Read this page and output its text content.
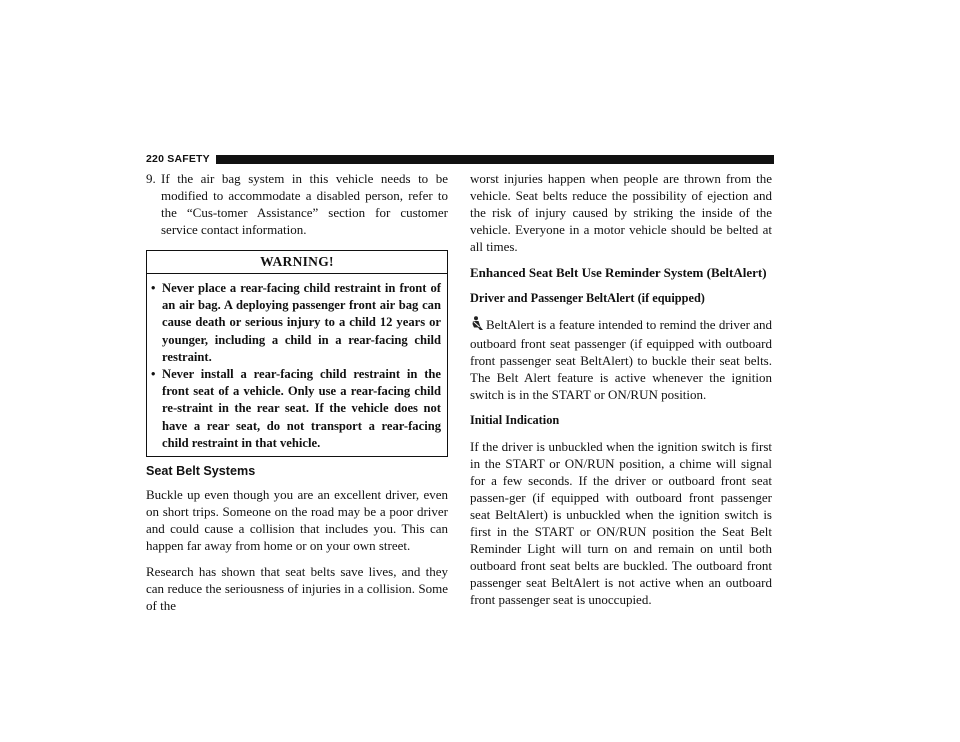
220 SAFETY
9. If the air bag system in this vehicle needs to be modified to accommodate a disabled person, refer to the “Cus-tomer Assistance” section for customer service contact information.

WARNING!
• Never place a rear-facing child restraint in front of an air bag. A deploying passenger front air bag can cause death or serious injury to a child 12 years or younger, including a child in a rear-facing child restraint.
• Never install a rear-facing child restraint in the front seat of a vehicle. Only use a rear-facing child re-straint in the rear seat. If the vehicle does not have a rear seat, do not transport a rear-facing child restraint in that vehicle.
Seat Belt Systems

Buckle up even though you are an excellent driver, even on short trips. Someone on the road may be a poor driver and could cause a collision that includes you. This can happen far away from home or on your own street.

Research has shown that seat belts save lives, and they can reduce the seriousness of injuries in a collision. Some of the

worst injuries happen when people are thrown from the vehicle. Seat belts reduce the possibility of ejection and the risk of injury caused by striking the inside of the vehicle. Everyone in a motor vehicle should be belted at all times.

Enhanced Seat Belt Use Reminder System (BeltAlert)
Driver and Passenger BeltAlert (if equipped)

BeltAlert is a feature intended to remind the driver and outboard front seat passenger (if equipped with outboard front passenger seat BeltAlert) to buckle their seat belts. The Belt Alert feature is active whenever the ignition switch is in the START or ON/RUN position.

Initial Indication

If the driver is unbuckled when the ignition switch is first in the START or ON/RUN position, a chime will signal for a few seconds. If the driver or outboard front seat passen-ger (if equipped with outboard front passenger seat BeltAlert) is unbuckled when the ignition switch is first in the START or ON/RUN position the Seat Belt Reminder Light will turn on and remain on until both outboard front seat belts are buckled. The outboard front passenger seat BeltAlert is not active when an outboard front passenger seat is unoccupied.
